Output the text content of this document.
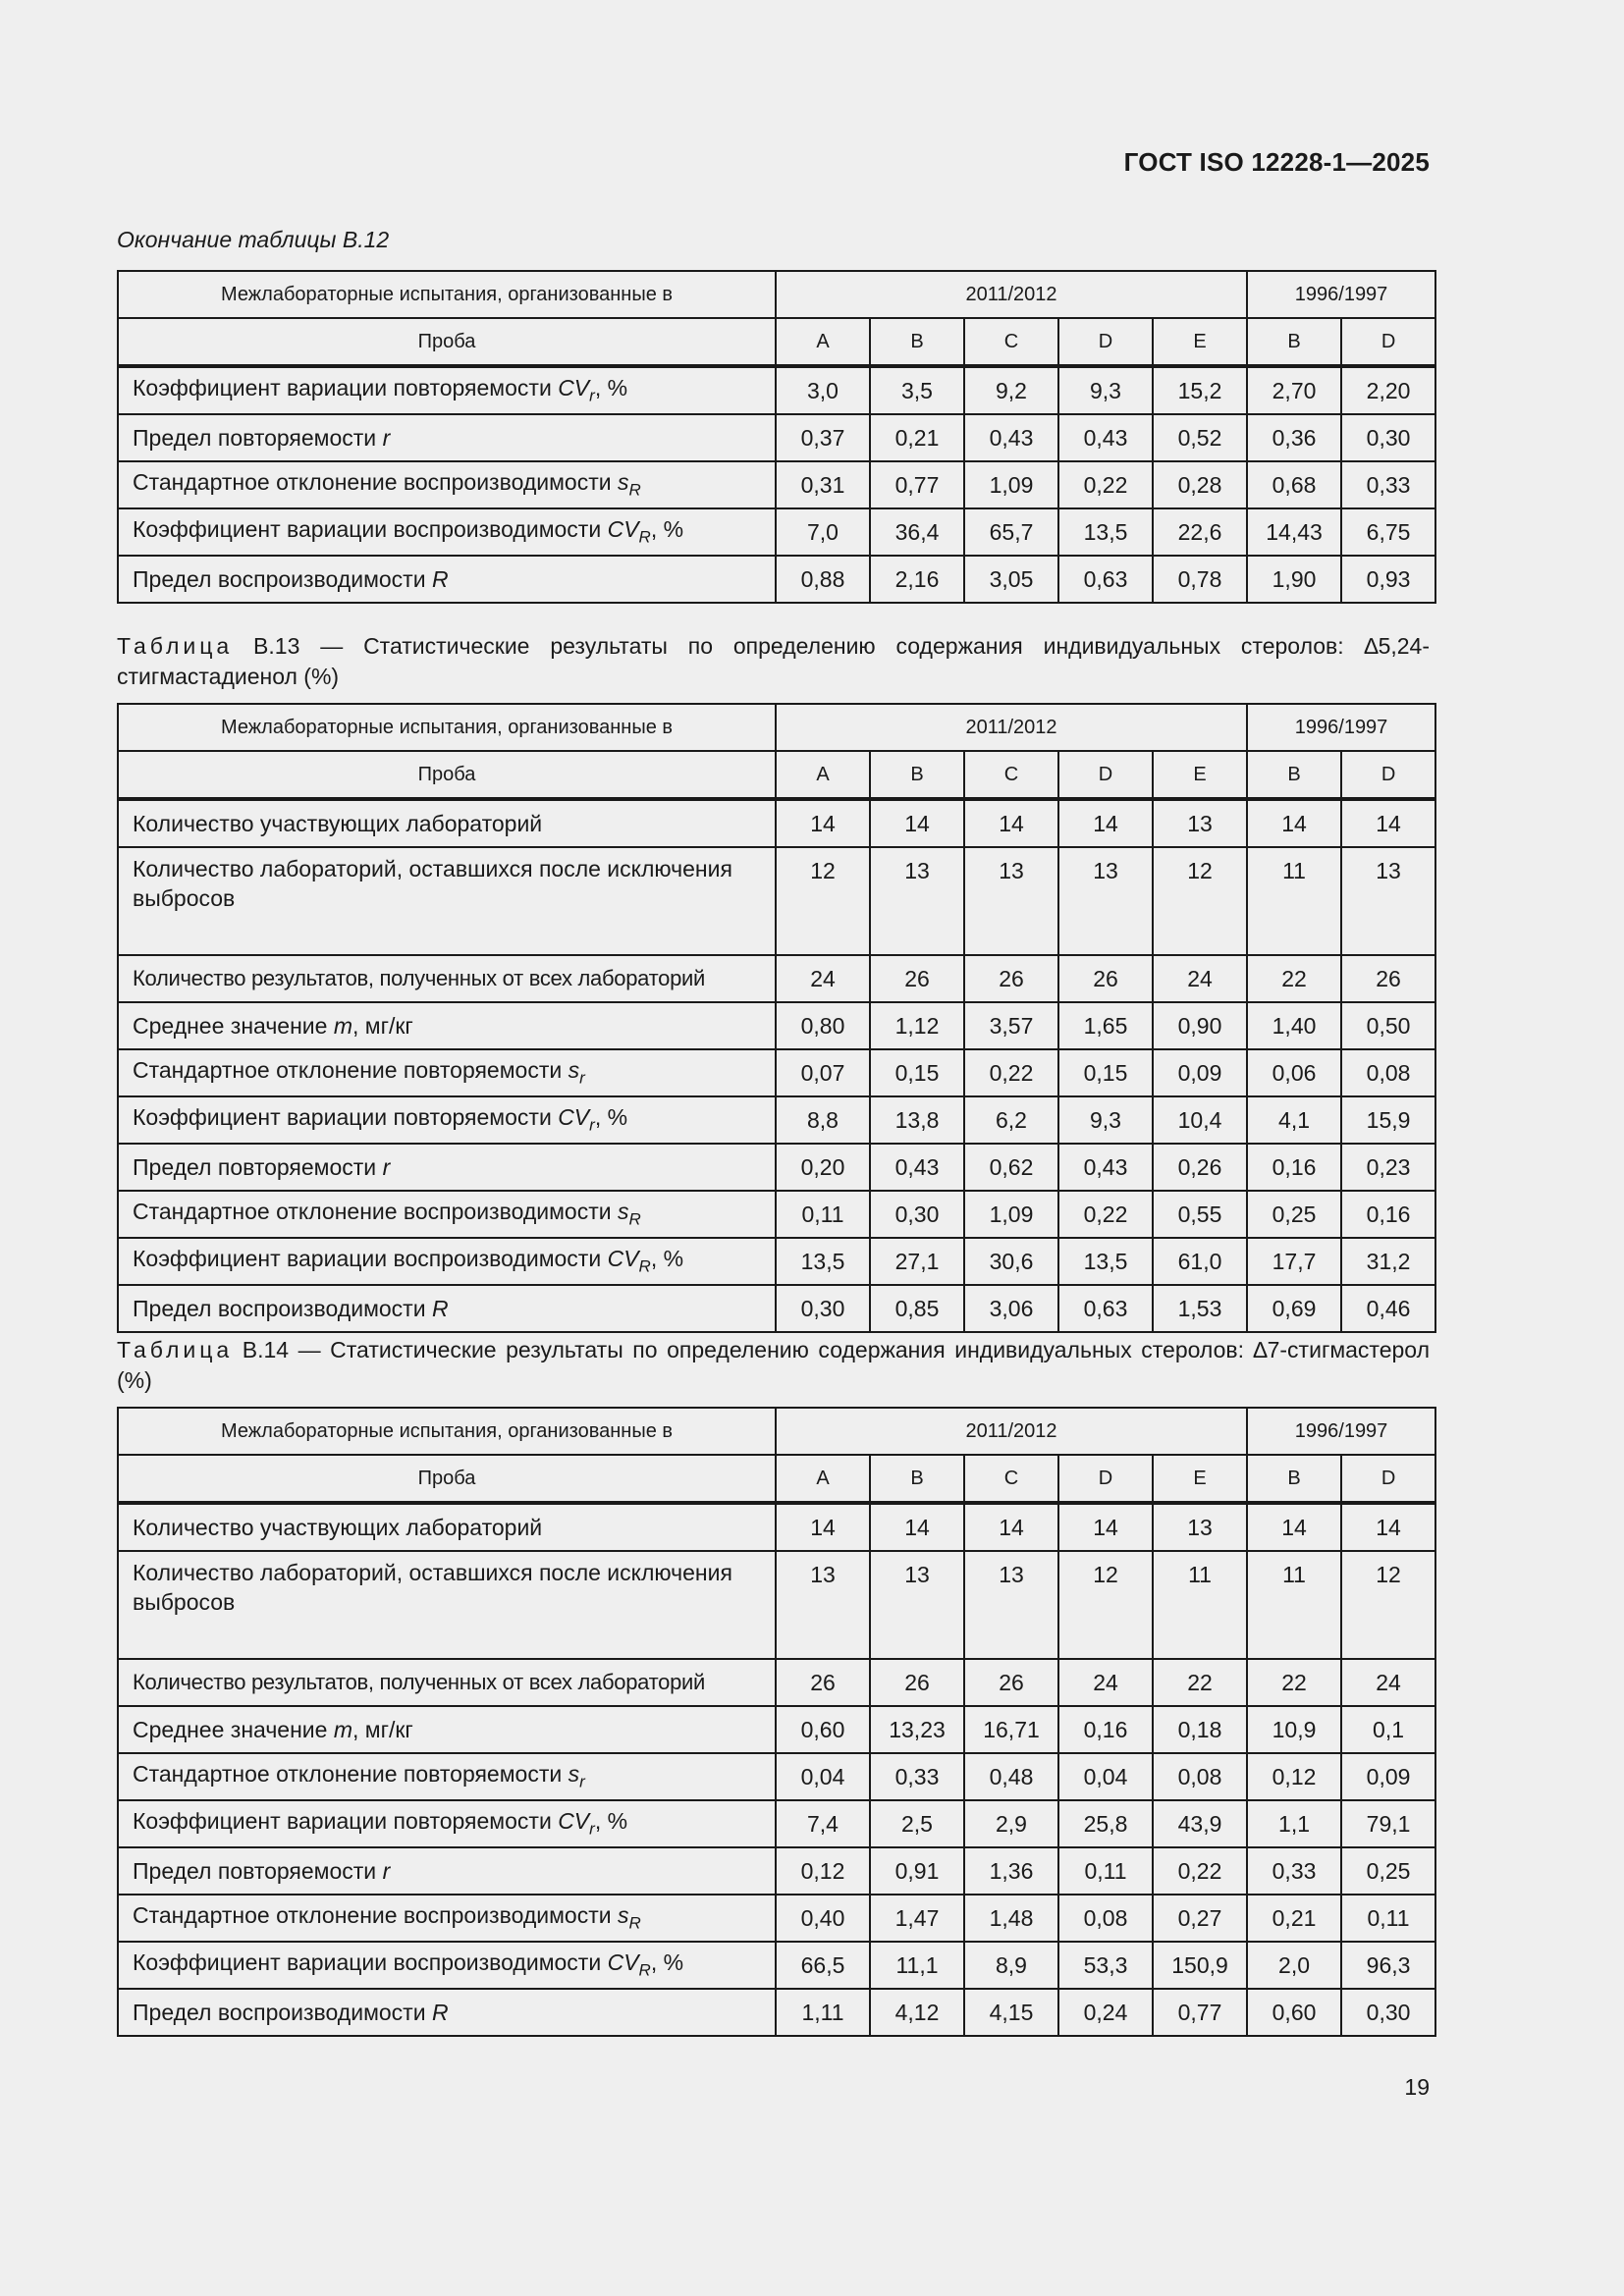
ГОСТ ISO 12228-1—2025
Окончание таблицы В.12
Межлабораторные испытания, организованные в	2011/2012					1996/1997	
Проба	A	B	C	D	E	B	D
Коэффициент вариации повторяемости $CV_r$, %	3,0	3,5	9,2	9,3	15,2	2,70	2,20
Предел повторяемости r	0,37	0,21	0,43	0,43	0,52	0,36	0,30
Стандартное отклонение воспроизводимости $s_R$	0,31	0,77	1,09	0,22	0,28	0,68	0,33
Коэффициент вариации воспроизводимости $CV_R$, %	7,0	36,4	65,7	13,5	22,6	14,43	6,75
Предел воспроизводимости R	0,88	2,16	3,05	0,63	0,78	1,90	0,93
Таблица В.13 — Статистические результаты по определению содержания индивидуальных стеролов: ∆5,24-стигмастадиенол (%)
Межлабораторные испытания, организованные в	2011/2012					1996/1997	
Проба	A	B	C	D	E	B	D
Количество участвующих лабораторий	14	14	14	14	13	14	14
Количество лабораторий, оставшихся после исключения выбросов	12	13	13	13	12	11	13
Количество результатов, полученных от всех лабораторий	24	26	26	26	24	22	26
Среднее значение m, мг/кг	0,80	1,12	3,57	1,65	0,90	1,40	0,50
Стандартное отклонение повторяемости $s_r$	0,07	0,15	0,22	0,15	0,09	0,06	0,08
Коэффициент вариации повторяемости $CV_r$, %	8,8	13,8	6,2	9,3	10,4	4,1	15,9
Предел повторяемости r	0,20	0,43	0,62	0,43	0,26	0,16	0,23
Стандартное отклонение воспроизводимости $s_R$	0,11	0,30	1,09	0,22	0,55	0,25	0,16
Коэффициент вариации воспроизводимости $CV_R$, %	13,5	27,1	30,6	13,5	61,0	17,7	31,2
Предел воспроизводимости R	0,30	0,85	3,06	0,63	1,53	0,69	0,46
Таблица В.14 — Статистические результаты по определению содержания индивидуальных стеролов: ∆7-стигмастерол (%)
Межлабораторные испытания, организованные в	2011/2012					1996/1997	
Проба	A	B	C	D	E	B	D
Количество участвующих лабораторий	14	14	14	14	13	14	14
Количество лабораторий, оставшихся после исключения выбросов	13	13	13	12	11	11	12
Количество результатов, полученных от всех лабораторий	26	26	26	24	22	22	24
Среднее значение m, мг/кг	0,60	13,23	16,71	0,16	0,18	10,9	0,1
Стандартное отклонение повторяемости $s_r$	0,04	0,33	0,48	0,04	0,08	0,12	0,09
Коэффициент вариации повторяемости $CV_r$, %	7,4	2,5	2,9	25,8	43,9	1,1	79,1
Предел повторяемости r	0,12	0,91	1,36	0,11	0,22	0,33	0,25
Стандартное отклонение воспроизводимости $s_R$	0,40	1,47	1,48	0,08	0,27	0,21	0,11
Коэффициент вариации воспроизводимости $CV_R$, %	66,5	11,1	8,9	53,3	150,9	2,0	96,3
Предел воспроизводимости R	1,11	4,12	4,15	0,24	0,77	0,60	0,30
19
